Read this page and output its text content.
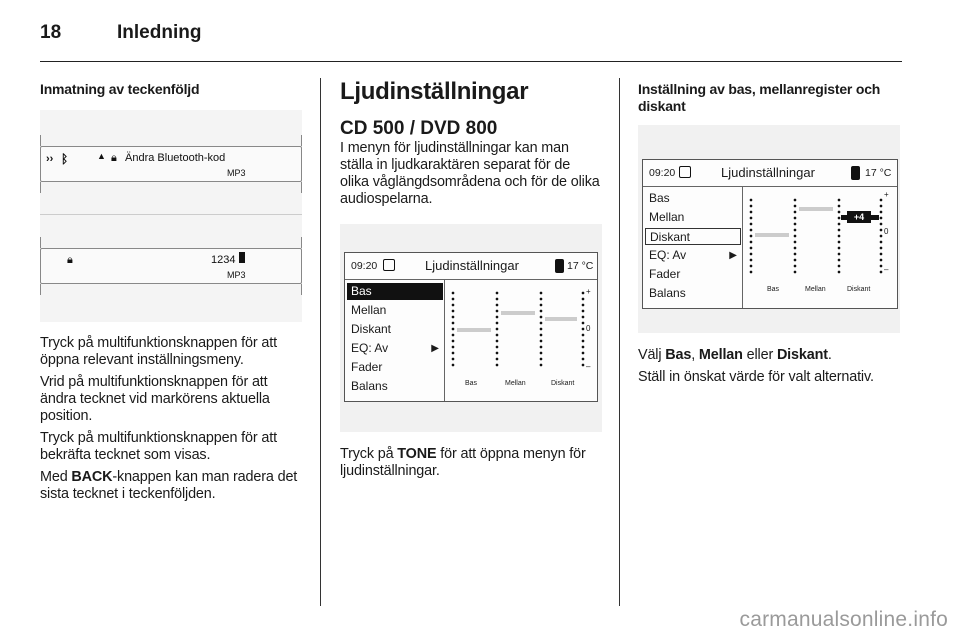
18	Inledning
Inmatning av teckenföljd
›› ᛒ	▲ 🔒︎ Ändra Bluetooth-kod
MP3
🔒︎	1234
MP3

Tryck på multifunktionsknappen för att öppna relevant inställningsmeny.

Vrid på multifunktionsknappen för att ändra tecknet vid markörens aktuella position.

Tryck på multifunktionsknappen för att bekräfta tecknet som visas.

Med BACK-knappen kan man radera det sista tecknet i teckenföljden.

Ljudinställningar
CD 500 / DVD 800

I menyn för ljudinställningar kan man ställa in ljudkaraktären separat för de olika våglängdsområdena och för de olika audiospelarna.

09:20	Ljudinställningar	17 °C
Bas
Mellan
Diskant
EQ: Av	▶
Fader
Balans
+
0
–
Bas	Mellan	Diskant

Tryck på TONE för att öppna menyn för ljudinställningar.

Inställning av bas, mellanregister och diskant
09:20	Ljudinställningar	17 °C
Bas
Mellan
Diskant
EQ: Av	▶
Fader
Balans
+4
+
0
–
Bas	Mellan	Diskant

Välj Bas, Mellan eller Diskant.

Ställ in önskat värde för valt alternativ.

carmanualsonline.info
